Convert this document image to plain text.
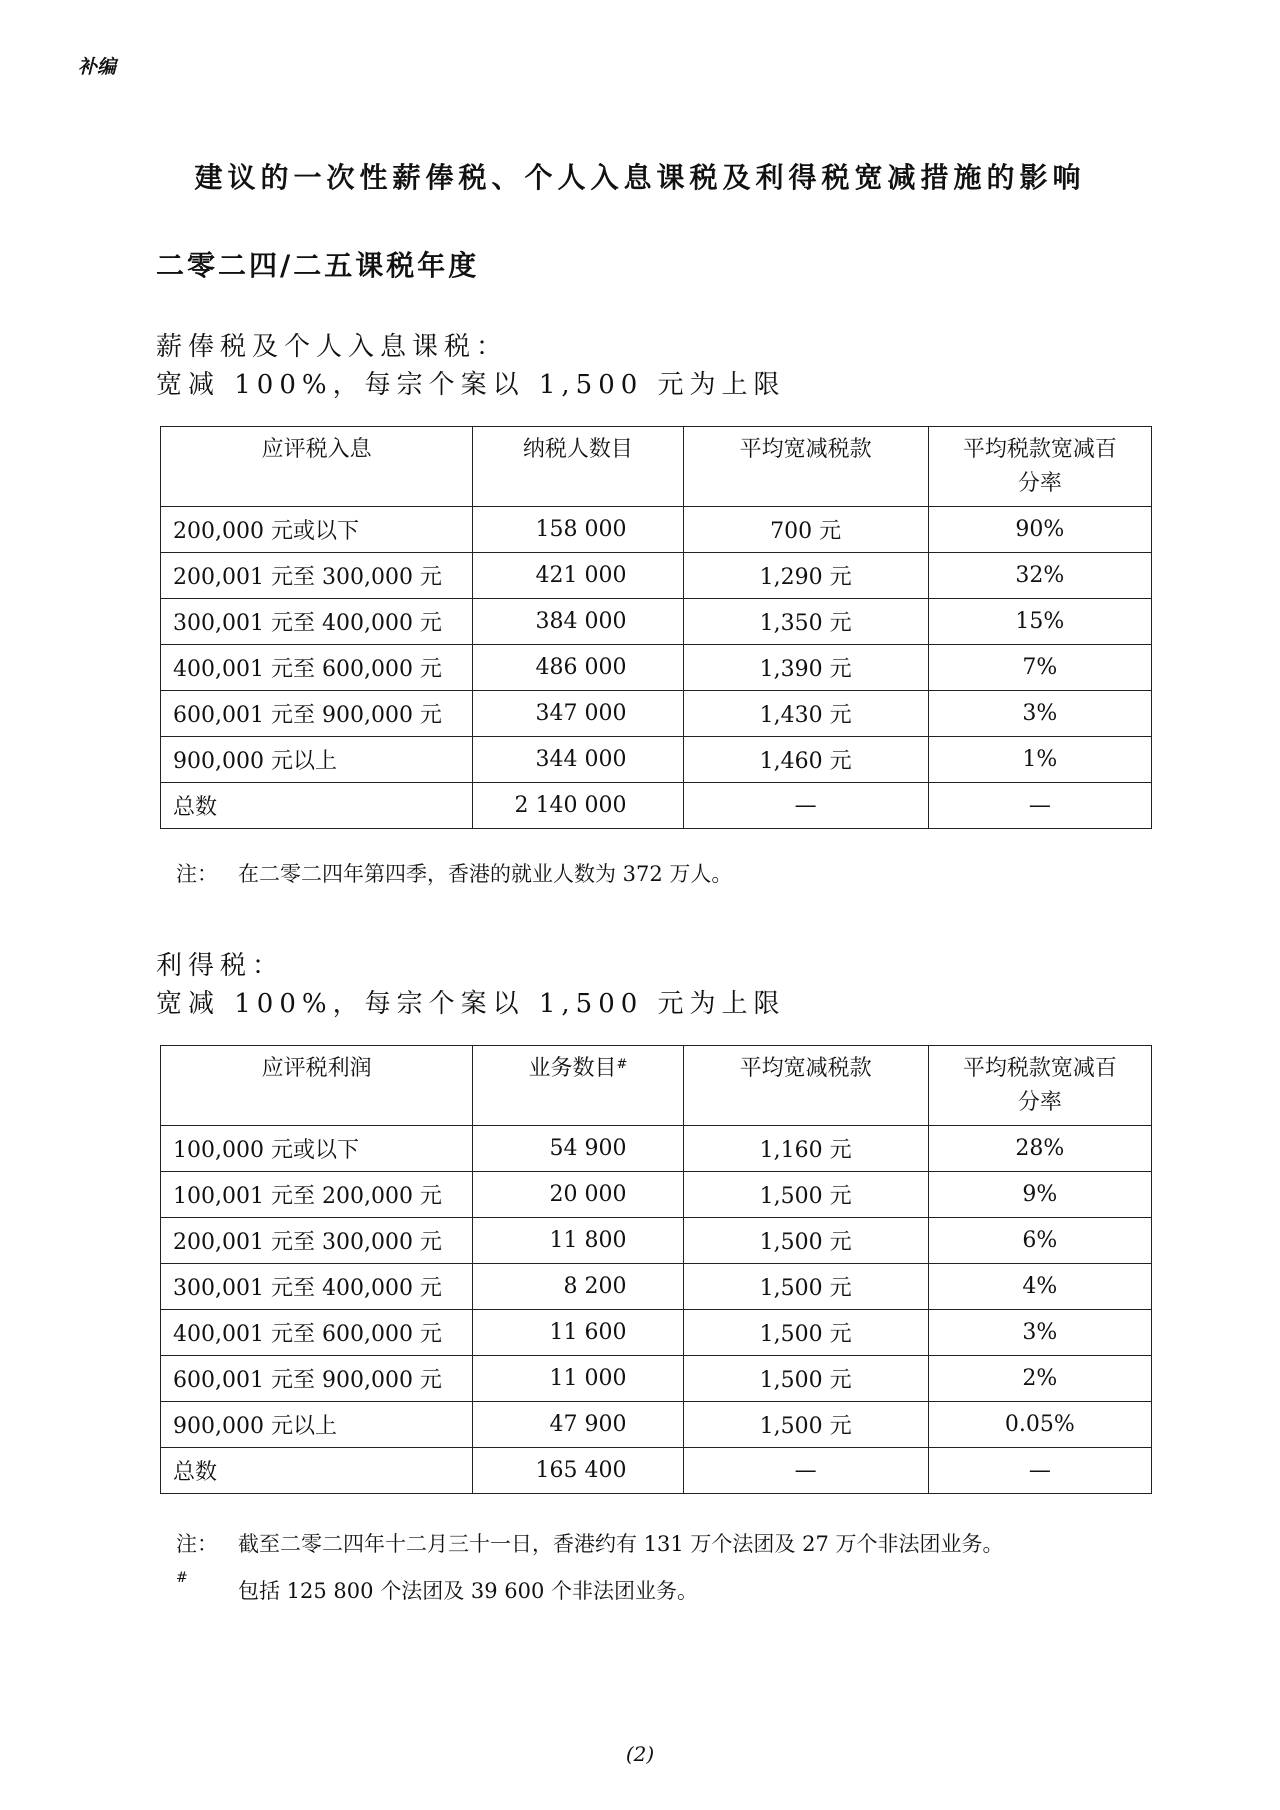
补编
建议的一次性薪俸税、个人入息课税及利得税宽减措施的影响
二零二四/二五课税年度
薪俸税及个人入息课税：
宽减 100%，每宗个案以 1,500 元为上限
应评税入息	纳税人数目	平均宽减税款	平均税款宽减百分率
200,000 元或以下	158 000	700 元	90%
200,001 元至 300,000 元	421 000	1,290 元	32%
300,001 元至 400,000 元	384 000	1,350 元	15%
400,001 元至 600,000 元	486 000	1,390 元	7%
600,001 元至 900,000 元	347 000	1,430 元	3%
900,000 元以上	344 000	1,460 元	1%
总数	2 140 000	—	—
注： 在二零二四年第四季，香港的就业人数为 372 万人。
利得税：
宽减 100%，每宗个案以 1,500 元为上限
应评税利润	业务数目#	平均宽减税款	平均税款宽减百分率
100,000 元或以下	54 900	1,160 元	28%
100,001 元至 200,000 元	20 000	1,500 元	9%
200,001 元至 300,000 元	11 800	1,500 元	6%
300,001 元至 400,000 元	8 200	1,500 元	4%
400,001 元至 600,000 元	11 600	1,500 元	3%
600,001 元至 900,000 元	11 000	1,500 元	2%
900,000 元以上	47 900	1,500 元	0.05%
总数	165 400	—	—
注： 截至二零二四年十二月三十一日，香港约有 131 万个法团及 27 万个非法团业务。
#
包括 125 800 个法团及 39 600 个非法团业务。
(2)
